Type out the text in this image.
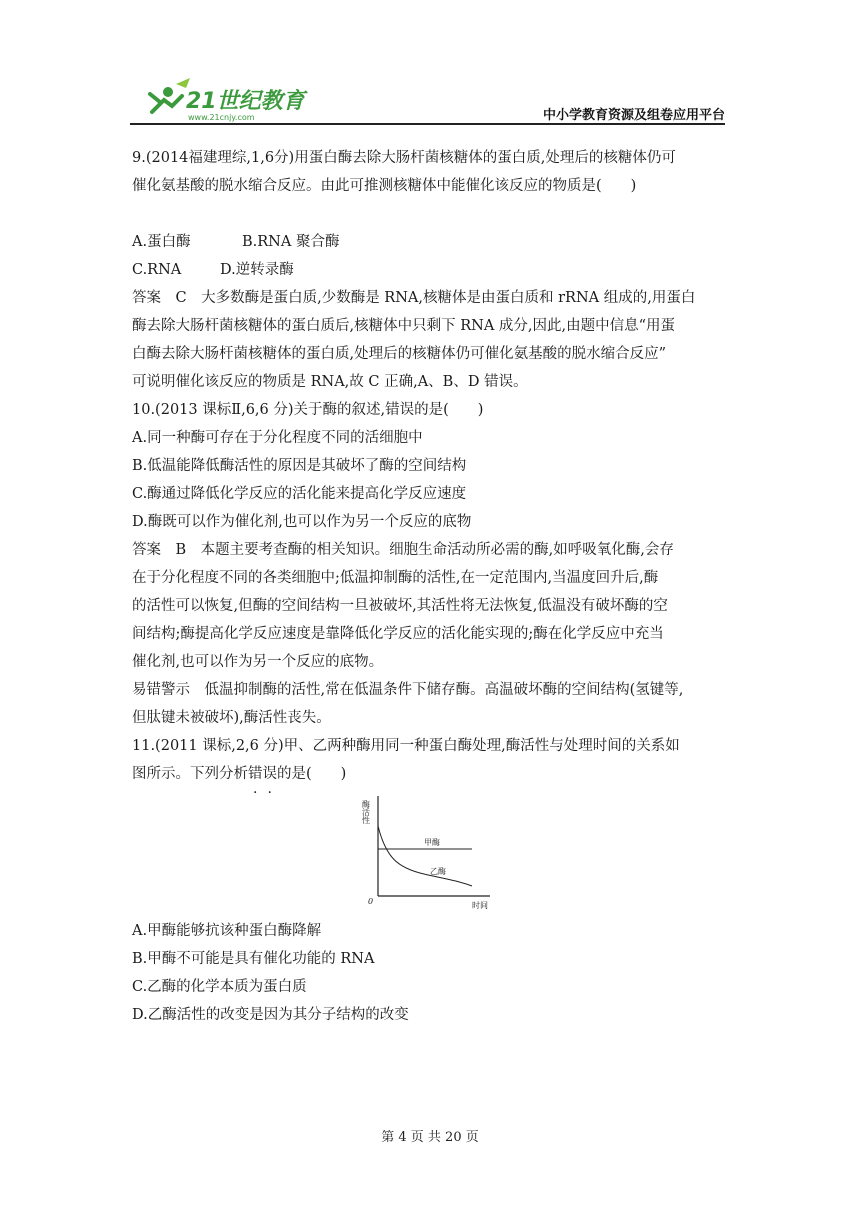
21世纪教育
www.21cnjy.com	中小学教育资源及组卷应用平台

9.(2014福建理综,1,6分)用蛋白酶去除大肠杆菌核糖体的蛋白质,处理后的核糖体仍可

催化氨基酸的脱水缩合反应。由此可推测核糖体中能催化该反应的物质是(　　)

A.蛋白酶	B.RNA 聚合酶
C.RNA	D.逆转录酶

答案　C　大多数酶是蛋白质,少数酶是 RNA,核糖体是由蛋白质和 rRNA 组成的,用蛋白

酶去除大肠杆菌核糖体的蛋白质后,核糖体中只剩下 RNA 成分,因此,由题中信息“用蛋

白酶去除大肠杆菌核糖体的蛋白质,处理后的核糖体仍可催化氨基酸的脱水缩合反应”

可说明催化该反应的物质是 RNA,故 C 正确,A、B、D 错误。

10.(2013 课标Ⅱ,6,6 分)关于酶的叙述,错误的是(　　)

A.同一种酶可存在于分化程度不同的活细胞中

B.低温能降低酶活性的原因是其破坏了酶的空间结构

C.酶通过降低化学反应的活化能来提高化学反应速度

D.酶既可以作为催化剂,也可以作为另一个反应的底物

答案　B　本题主要考查酶的相关知识。细胞生命活动所必需的酶,如呼吸氧化酶,会存

在于分化程度不同的各类细胞中;低温抑制酶的活性,在一定范围内,当温度回升后,酶

的活性可以恢复,但酶的空间结构一旦被破坏,其活性将无法恢复,低温没有破坏酶的空

间结构;酶提高化学反应速度是靠降低化学反应的活化能实现的;酶在化学反应中充当

催化剂,也可以作为另一个反应的底物。

易错警示　低温抑制酶的活性,常在低温条件下储存酶。高温破坏酶的空间结构(氢键等,

但肽键未被破坏),酶活性丧失。

11.(2011 课标,2,6 分)甲、乙两种酶用同一种蛋白酶处理,酶活性与处理时间的关系如

图所示。下列分析错误的是(　　)

酶活性
甲酶
乙酶
0	时间

A.甲酶能够抗该种蛋白酶降解

B.甲酶不可能是具有催化功能的 RNA

C.乙酶的化学本质为蛋白质

D.乙酶活性的改变是因为其分子结构的改变

第 4 页 共 20 页
